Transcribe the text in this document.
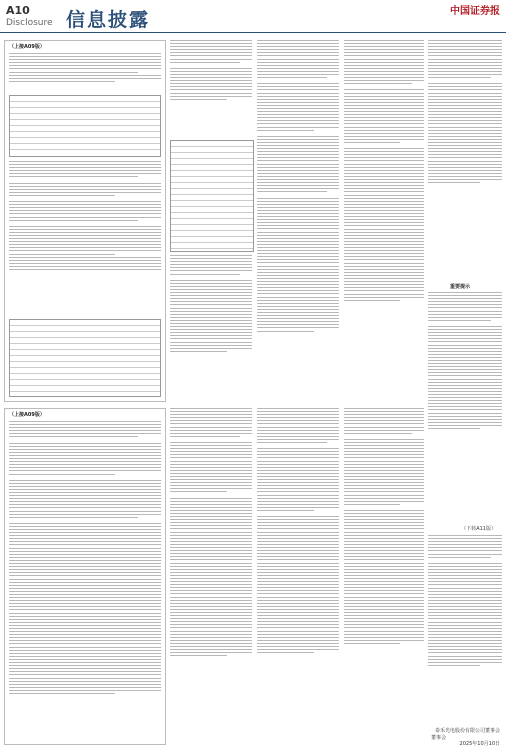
A10
Disclosure 信息披露	中国证券报
（上接A09版）
重要提示
（下转A11版）
（上接A09版）
董事会
泰禾光电股份有限公司董事会
2025年10月10日
